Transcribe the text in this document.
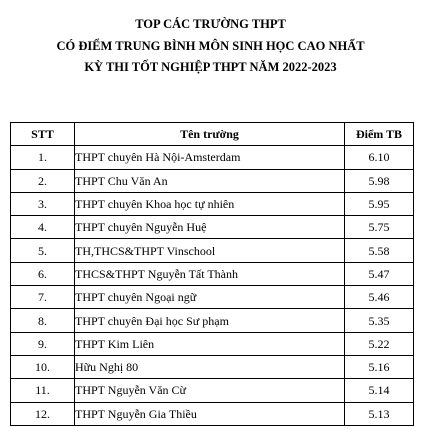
TOP CÁC TRƯỜNG THPT
CÓ ĐIỂM TRUNG BÌNH MÔN SINH HỌC CAO NHẤT
KỲ THI TỐT NGHIỆP THPT NĂM 2022-2023
STT	Tên trường	Điểm TB
1.	THPT chuyên Hà Nội-Amsterdam	6.10
2.	THPT Chu Văn An	5.98
3.	THPT chuyên Khoa học tự nhiên	5.95
4.	THPT chuyên Nguyễn Huệ	5.75
5.	TH,THCS&THPT Vinschool	5.58
6.	THCS&THPT Nguyễn Tất Thành	5.47
7.	THPT chuyên Ngoại ngữ	5.46
8.	THPT chuyên Đại học Sư phạm	5.35
9.	THPT Kim Liên	5.22
10.	Hữu Nghị 80	5.16
11.	THPT Nguyễn Văn Cừ	5.14
12.	THPT Nguyễn Gia Thiều	5.13
